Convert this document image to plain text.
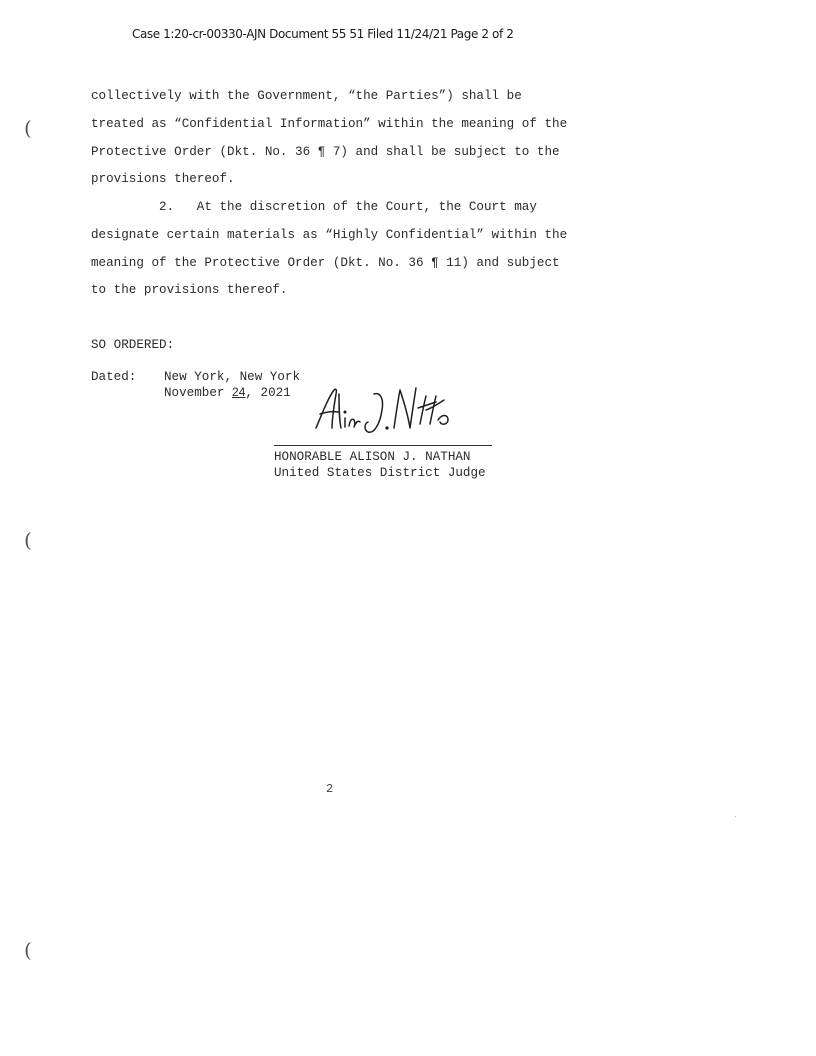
Case 1:20-cr-00330-AJN Document 55 51 Filed 11/24/21 Page 2 of 2
(
(
(
collectively with the Government, “the Parties”) shall be
treated as “Confidential Information” within the meaning of the
Protective Order (Dkt. No. 36 ¶ 7) and shall be subject to the
provisions thereof.
2.   At the discretion of the Court, the Court may
designate certain materials as “Highly Confidential” within the
meaning of the Protective Order (Dkt. No. 36 ¶ 11) and subject
to the provisions thereof.
SO ORDERED:
Dated: New York, New York
November 24, 2021
HONORABLE ALISON J. NATHAN
United States District Judge
2
